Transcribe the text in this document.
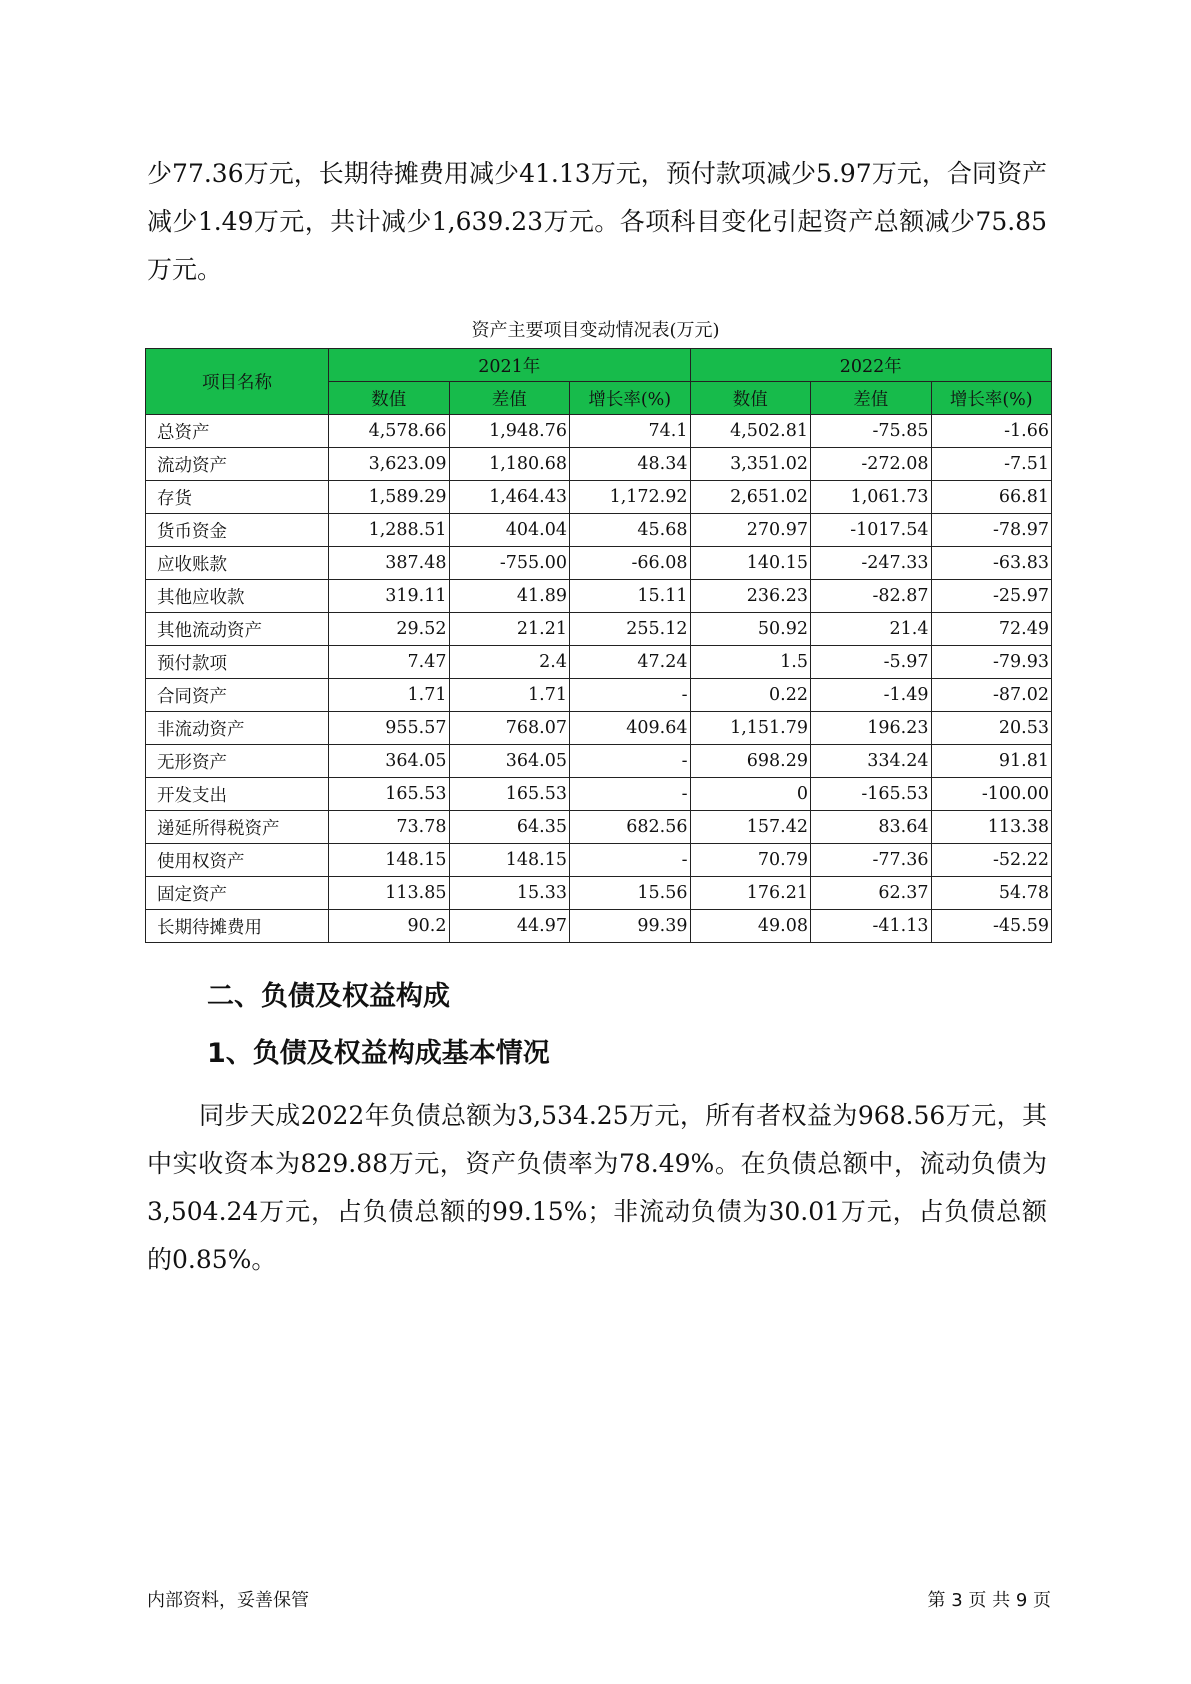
少77.36万元，长期待摊费用减少41.13万元，预付款项减少5.97万元，合同资产减少1.49万元，共计减少1,639.23万元。各项科目变化引起资产总额减少75.85万元。

资产主要项目变动情况表(万元)
项目名称	2021年			2022年		
	数值	差值	增长率(%)	数值	差值	增长率(%)
总资产	4,578.66	1,948.76	74.1	4,502.81	-75.85	-1.66
流动资产	3,623.09	1,180.68	48.34	3,351.02	-272.08	-7.51
存货	1,589.29	1,464.43	1,172.92	2,651.02	1,061.73	66.81
货币资金	1,288.51	404.04	45.68	270.97	-1017.54	-78.97
应收账款	387.48	-755.00	-66.08	140.15	-247.33	-63.83
其他应收款	319.11	41.89	15.11	236.23	-82.87	-25.97
其他流动资产	29.52	21.21	255.12	50.92	21.4	72.49
预付款项	7.47	2.4	47.24	1.5	-5.97	-79.93
合同资产	1.71	1.71	-	0.22	-1.49	-87.02
非流动资产	955.57	768.07	409.64	1,151.79	196.23	20.53
无形资产	364.05	364.05	-	698.29	334.24	91.81
开发支出	165.53	165.53	-	0	-165.53	-100.00
递延所得税资产	73.78	64.35	682.56	157.42	83.64	113.38
使用权资产	148.15	148.15	-	70.79	-77.36	-52.22
固定资产	113.85	15.33	15.56	176.21	62.37	54.78
长期待摊费用	90.2	44.97	99.39	49.08	-41.13	-45.59
二、负债及权益构成
1、负债及权益构成基本情况

同步天成2022年负债总额为3,534.25万元，所有者权益为968.56万元，其中实收资本为829.88万元，资产负债率为78.49%。在负债总额中，流动负债为3,504.24万元，占负债总额的99.15%；非流动负债为30.01万元，占负债总额的0.85%。

内部资料，妥善保管	第 3 页 共 9 页
